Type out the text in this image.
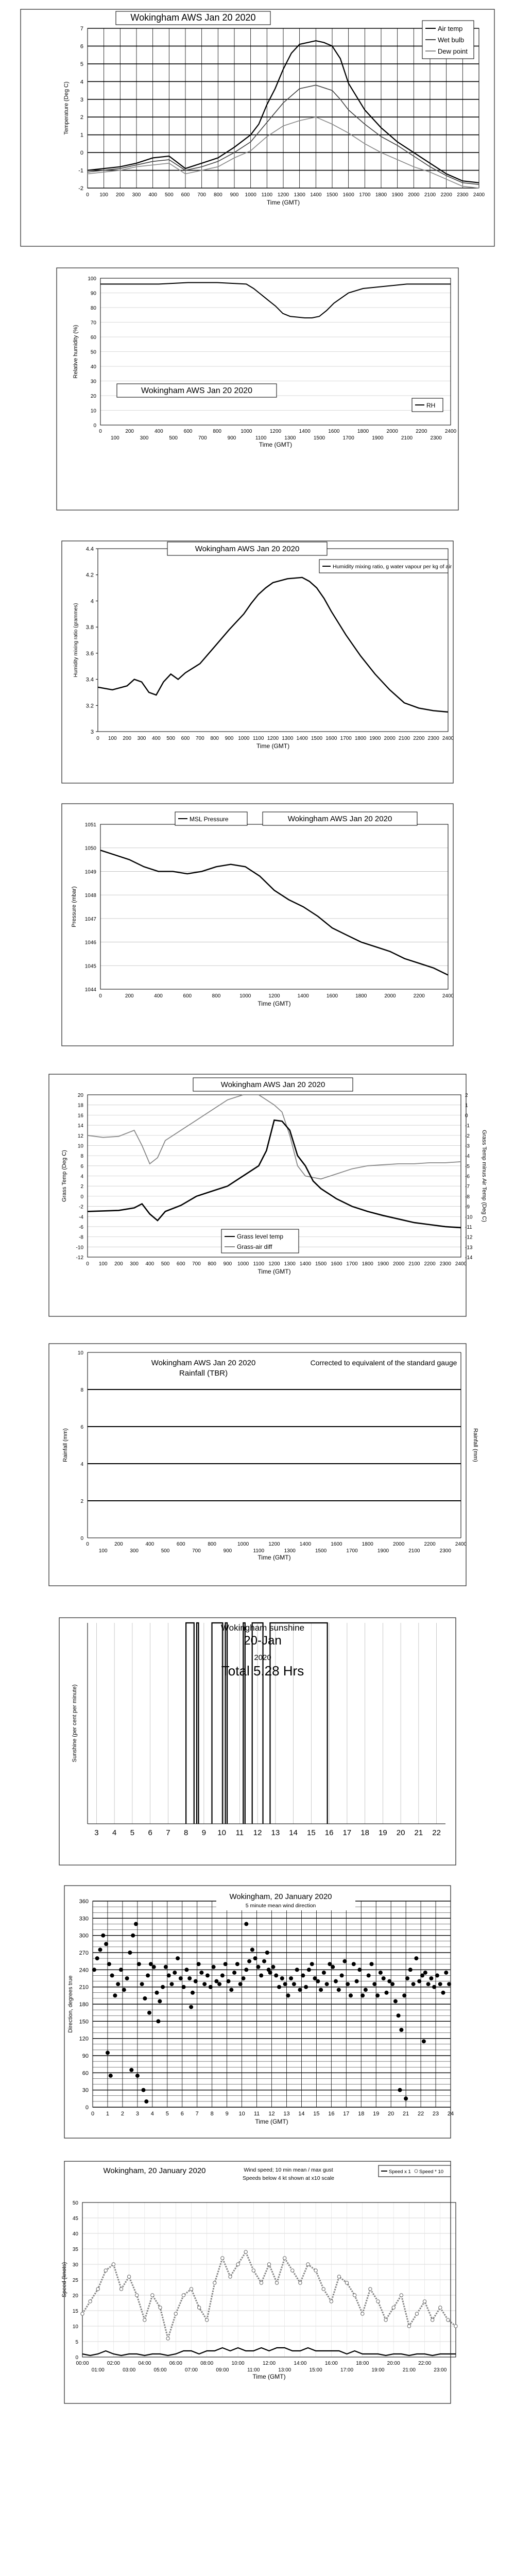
-2
-1
0
1
2
3
4
5
6
7
0 100 200 300 400 500 600 700 800 900 1000 1100 1200 1300 1400 1500 1600 1700 1800 1900 2000 2100 2200 2300 2400
Time (GMT)
Temperature (Deg C)
Wokingham AWS Jan 20 2020
Air temp
Wet bulb
Dew point
0
10
20
30
40
50
60
70
80
90
100
0	200	400	600	800	1000	1200	1400	1600	1800	2000	2200	2400
100	300	500	700	900	1100	1300	1500	1700	1900	2100	2300
Time (GMT)
Relative humidity (%)
Wokingham AWS Jan 20 2020
RH
3
3.2
3.4
3.6
3.8
4
4.2
4.4
0 100 200 300 400 500 600 700 800 900 1000 1100 1200 1300 1400 1500 1600 1700 1800 1900 2000 2100 2200 2300 2400
Time (GMT)
Humidity mixing ratio (grammes)
Wokingham AWS Jan 20 2020
Humidity mixing ratio, g water vapour per kg of air
1044
1045
1046
1047
1048
1049
1050
1051
0	200	400	600	800	1000	1200	1400	1600	1800	2000	2200	2400
Time (GMT)
Pressure (mbar)
MSL Pressure	Wokingham AWS Jan 20 2020
-12
-10
-8
-6
-4
-2
0
2
4
6
8
10
12
14
16
18
20
-14
-13
-12
-11
-10
-9
-8
-7
-6
-5
-4
-3
-2
-1
0
1
2
0 100 200 300 400 500 600 700 800 900 1000 1100 1200 1300 1400 1500 1600 1700 1800 1900 2000 2100 2200 2300 2400
Time (GMT)
Grass Temp (Deg C)	Grass Temp minus Air Temp (Deg C)
Wokingham AWS Jan 20 2020
Grass level temp
Grass-air diff
0
2
4
6
8
10
0	200	400	600	800	1000	1200	1400	1600	1800	2000	2200	2400
100	300	500	700	900	1100	1300	1500	1700	1900	2100	2300
Time (GMT)
Rainfall (mm)	Rainfall (mm)
Wokingham AWS Jan 20 2020
Rainfall (TBR)
Corrected to equivalent of the standard gauge
3 4 5 6 7 8 9 10 11 12 13 14 15 16 17 18 19 20 21 22
Sunshine (per cent per minute)
Wokingham sunshine
20-Jan
2020
Total 5.28 Hrs
0
30
60
90
120
150
180
210
240
270
300
330
360
0 1 2 3 4 5 6 7 8 9 10 11 12 13 14 15 16 17 18 19 20 21 22 23 24
Time (GMT)
Direction, degrees true
Wokingham, 20 January 2020
5 minute mean wind direction
0
5
10
15
20
25
30
35
40
45
50
00:00	02:00	04:00	06:00	08:00	10:00	12:00	14:00	16:00	18:00	20:00	22:00
01:00	03:00	05:00	07:00	09:00	11:00	13:00	15:00	17:00	19:00	21:00	23:00
Time (GMT)
Speed (knots)
Wokingham, 20 January 2020	Wind speed; 10 min mean / max gust
Speeds below 4 kt shown at x10 scale
Speed x 1 Speed * 10
